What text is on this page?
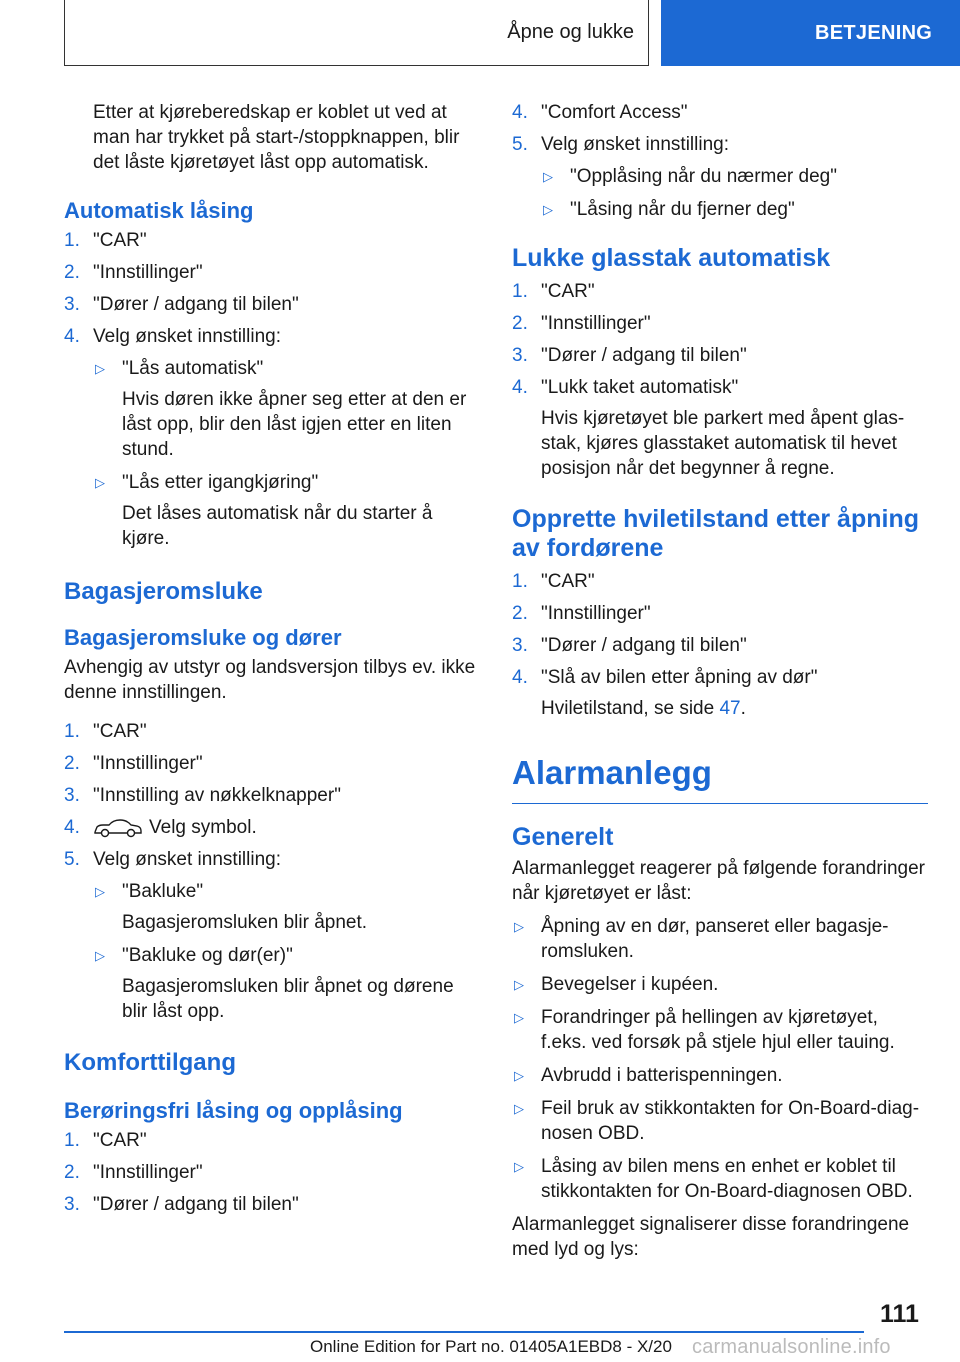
Åpne og lukke	BETJENING

Etter at kjøreberedskap er koblet ut ved at man har trykket på start-/stoppknappen, blir det låste kjøretøyet låst opp automatisk.

Automatisk låsing
1. "CAR"
2. "Innstillinger"
3. "Dører / adgang til bilen"
4. Velg ønsket innstilling:
▷ "Lås automatisk"
Hvis døren ikke åpner seg etter at den er låst opp, blir den låst igjen etter en liten stund.
▷ "Lås etter igangkjøring"
Det låses automatisk når du starter å kjøre.
Bagasjeromsluke
Bagasjeromsluke og dører

Avhengig av utstyr og landsversjon tilbys ev. ikke denne innstillingen.

1. "CAR"
2. "Innstillinger"
3. "Innstilling av nøkkelknapper"
4.	Velg symbol.
5. Velg ønsket innstilling:
▷ "Bakluke"
Bagasjeromsluken blir åpnet.
▷ "Bakluke og dør(er)"
Bagasjeromsluken blir åpnet og dørene blir låst opp.
Komforttilgang
Berøringsfri låsing og opplåsing
1. "CAR"
2. "Innstillinger"
3. "Dører / adgang til bilen"
4. "Comfort Access"
5. Velg ønsket innstilling:
▷ "Opplåsing når du nærmer deg"
▷ "Låsing når du fjerner deg"
Lukke glasstak automatisk
1. "CAR"
2. "Innstillinger"
3. "Dører / adgang til bilen"
4. "Lukk taket automatisk"
Hvis kjøretøyet ble parkert med åpent glas-stak, kjøres glasstaket automatisk til hevet posisjon når det begynner å regne.
Opprette hviletilstand etter åpning av fordørene
1. "CAR"
2. "Innstillinger"
3. "Dører / adgang til bilen"
4. "Slå av bilen etter åpning av dør"
Hviletilstand, se side 47.
Alarmanlegg
Generelt

Alarmanlegget reagerer på følgende forandringer når kjøretøyet er låst:

▷ Åpning av en dør, panseret eller bagasje-romsluken.
▷ Bevegelser i kupéen.
▷ Forandringer på hellingen av kjøretøyet, f.eks. ved forsøk på stjele hjul eller tauing.
▷ Avbrudd i batterispenningen.
▷ Feil bruk av stikkontakten for On-Board-diag-nosen OBD.
▷ Låsing av bilen mens en enhet er koblet til stikkontakten for On-Board-diagnosen OBD.

Alarmanlegget signaliserer disse forandringene med lyd og lys:

111
Online Edition for Part no. 01405A1EBD8 - X/20 carmanualsonline.info
